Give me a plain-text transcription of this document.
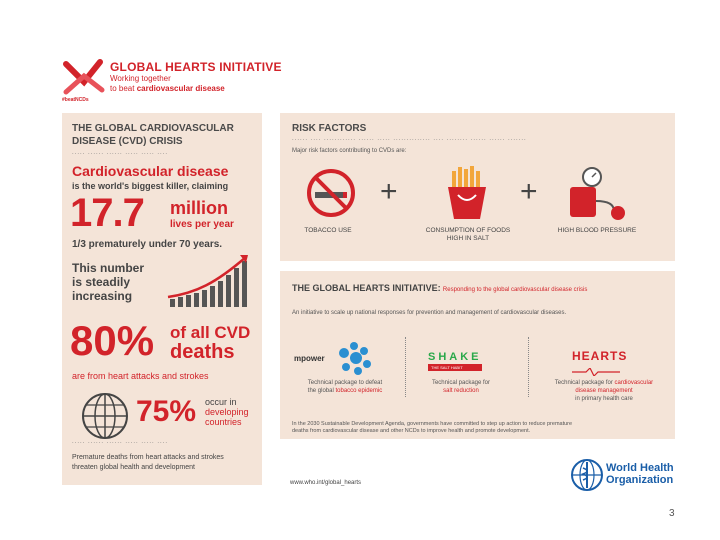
GLOBAL HEARTS INITIATIVE
Working together
to beat cardiovascular disease
#beatNCDs
THE GLOBAL CARDIOVASCULAR
DISEASE (CVD) CRISIS
..... ...... ...... ..... ..... ....
Cardiovascular disease
is the world's biggest killer, claiming
17.7 million
lives per year
1/3 prematurely under 70 years.
This number
is steadily
increasing
80% of all CVD
deaths
are from heart attacks and strokes
75% occur in
developing
countries
..... ...... ...... ..... ..... ....
Premature deaths from heart attacks and strokes
threaten global health and development
RISK FACTORS
...... .... ............ ...... ..... .............. .... ........ ...... ...... .......
Major risk factors contributing to CVDs are:
+	+
TOBACCO USE	CONSUMPTION OF FOODS HIGH IN SALT
HIGH BLOOD PRESSURE
THE GLOBAL HEARTS INITIATIVE: Responding to the global cardiovascular disease crisis
An initiative to scale up national responses for prevention and management of cardiovascular diseases.
mpower
Technical package to defeat
the global tobacco epidemic
SHAKE
THE SALT HABIT
Technical package for
salt reduction
HEARTS
Technical package for cardiovascular
disease management
in primary health care
In the 2030 Sustainable Development Agenda, governments have committed to step up action to reduce premature
deaths from cardiovascular disease and other NCDs to improve health and promote development.
www.who.int/global_hearts
World Health
Organization
3
